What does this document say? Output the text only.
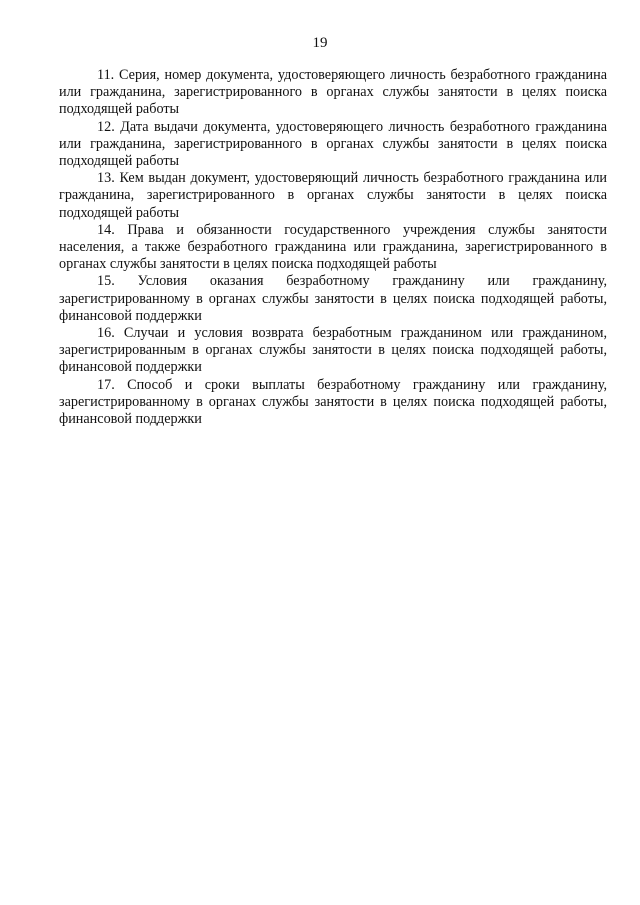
19

11. Серия, номер документа, удостоверяющего личность безработного гражданина или гражданина, зарегистрированного в органах службы занятости в целях поиска подходящей работы

12. Дата выдачи документа, удостоверяющего личность безработного гражданина или гражданина, зарегистрированного в органах службы занятости в целях поиска подходящей работы

13. Кем выдан документ, удостоверяющий личность безработного гражданина или гражданина, зарегистрированного в органах службы занятости в целях поиска подходящей работы

14. Права и обязанности государственного учреждения службы занятости населения, а также безработного гражданина или гражданина, зарегистрированного в органах службы занятости в целях поиска подходящей работы

15. Условия оказания безработному гражданину или гражданину, зарегистрированному в органах службы занятости в целях поиска подходящей работы, финансовой поддержки

16. Случаи и условия возврата безработным гражданином или гражданином, зарегистрированным в органах службы занятости в целях поиска подходящей работы, финансовой поддержки

17. Способ и сроки выплаты безработному гражданину или гражданину, зарегистрированному в органах службы занятости в целях поиска подходящей работы, финансовой поддержки
